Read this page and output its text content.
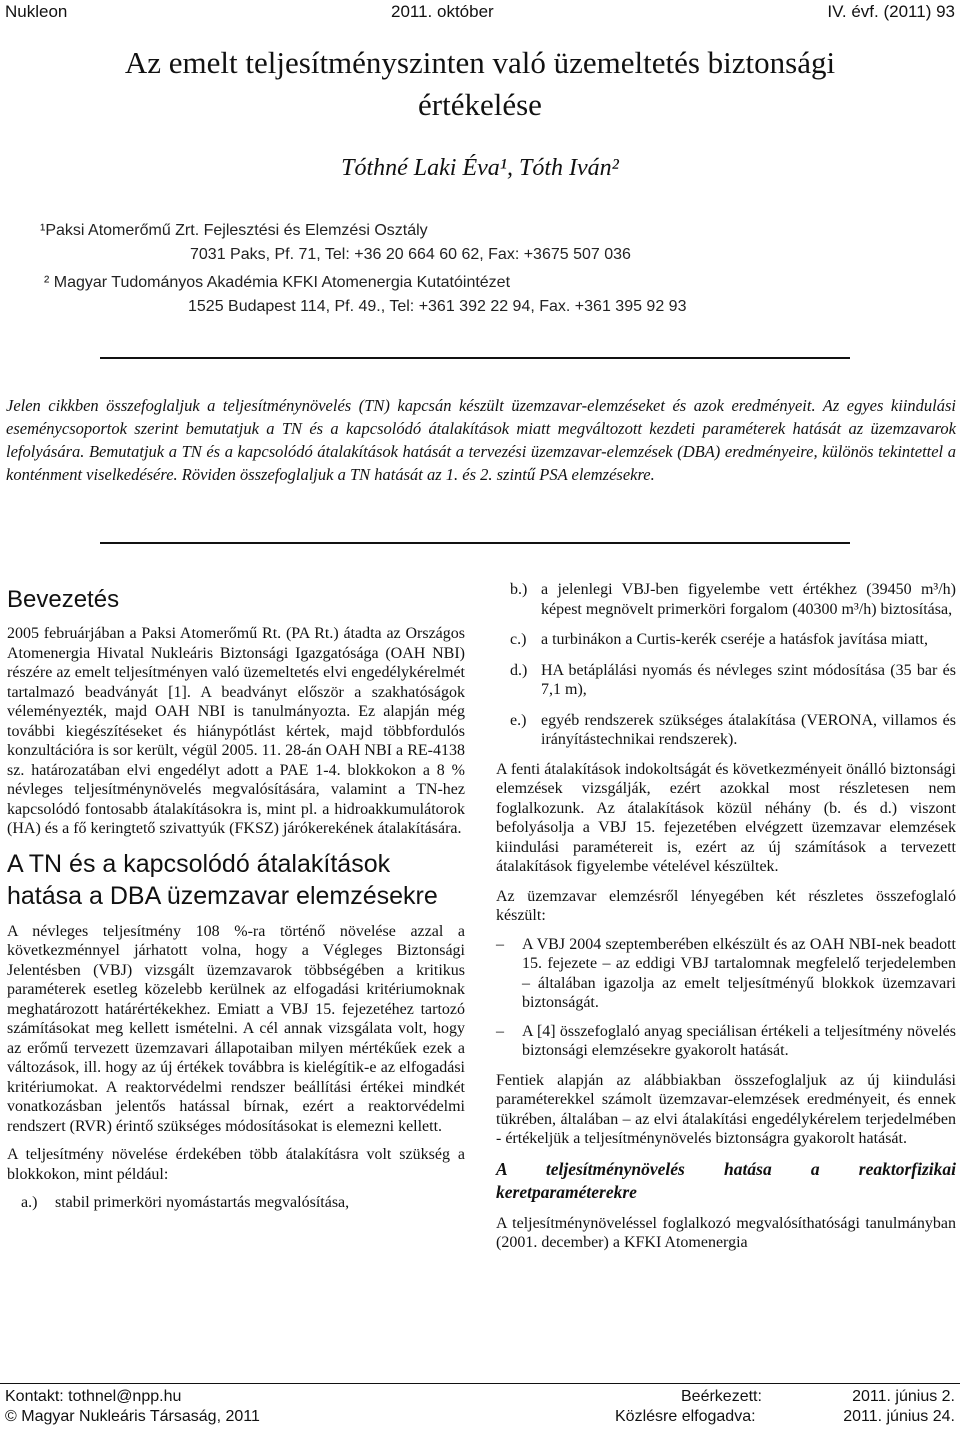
Nukleon	2011. október	IV. évf. (2011) 93
Az emelt teljesítményszinten való üzemeltetés biztonsági
értékelése
Tóthné Laki Éva¹, Tóth Iván²
¹Paksi Atomerőmű Zrt. Fejlesztési és Elemzési Osztály
7031 Paks, Pf. 71, Tel: +36 20 664 60 62, Fax: +3675 507 036
² Magyar Tudományos Akadémia KFKI Atomenergia Kutatóintézet
1525 Budapest 114, Pf. 49., Tel: +361 392 22 94, Fax. +361 395 92 93
Jelen cikkben összefoglaljuk a teljesítménynövelés (TN) kapcsán készült üzemzavar-elemzéseket és azok eredményeit. Az egyes kiindulási eseménycsoportok szerint bemutatjuk a TN és a kapcsolódó átalakítások miatt megváltozott kezdeti paraméterek hatását az üzemzavarok lefolyására. Bemutatjuk a TN és a kapcsolódó átalakítások hatását a tervezési üzemzavar-elemzések (DBA) eredményeire, különös tekintettel a konténment viselkedésére. Röviden összefoglaljuk a TN hatását az 1. és 2. szintű PSA elemzésekre.
Bevezetés

2005 februárjában a Paksi Atomerőmű Rt. (PA Rt.) átadta az Országos Atomenergia Hivatal Nukleáris Biztonsági Igazgatósága (OAH NBI) részére az emelt teljesítményen való üzemeltetés elvi engedélykérelmét tartalmazó beadványát [1]. A beadványt először a szakhatóságok véleményezték, majd OAH NBI is tanulmányozta. Ez alapján még további kiegészítéseket és hiánypótlást kértek, majd többfordulós konzultációra is sor került, végül 2005. 11. 28-án OAH NBI a RE-4138 sz. határozatában elvi engedélyt adott a PAE 1-4. blokkokon a 8 % névleges teljesítménynövelés megvalósítására, valamint a TN-hez kapcsolódó fontosabb átalakításokra is, mint pl. a hidroakkumulátorok (HA) és a fő keringtető szivattyúk (FKSZ) járókerekének átalakítására.

A TN és a kapcsolódó átalakítások
hatása a DBA üzemzavar elemzésekre

A névleges teljesítmény 108 %-ra történő növelése azzal a következménnyel járhatott volna, hogy a Végleges Biztonsági Jelentésben (VBJ) vizsgált üzemzavarok többségében a kritikus paraméterek esetleg közelebb kerülnek az elfogadási kritériumoknak meghatározott határértékekhez. Emiatt a VBJ 15. fejezetéhez tartozó számításokat meg kellett ismételni. A cél annak vizsgálata volt, hogy az erőmű tervezett üzemzavari állapotaiban milyen mértékűek ezek a változások, ill. hogy az új értékek továbbra is kielégítik-e az elfogadási kritériumokat. A reaktorvédelmi rendszer beállítási értékei mindkét vonatkozásban jelentős hatással bírnak, ezért a reaktorvédelmi rendszert (RVR) érintő szükséges módosításokat is elemezni kellett.

A teljesítmény növelése érdekében több átalakításra volt szükség a blokkokon, mint például:

a.) stabil primerköri nyomástartás megvalósítása,
b.) a jelenlegi VBJ-ben figyelembe vett értékhez (39450 m³/h) képest megnövelt primerköri forgalom (40300 m³/h) biztosítása,
c.) a turbinákon a Curtis-kerék cseréje a hatásfok javítása miatt,
d.) HA betáplálási nyomás és névleges szint módosítása (35 bar és 7,1 m),
e.) egyéb rendszerek szükséges átalakítása (VERONA, villamos és irányítástechnikai rendszerek).

A fenti átalakítások indokoltságát és következményeit önálló biztonsági elemzések vizsgálják, ezért azokkal most részletesen nem foglalkozunk. Az átalakítások közül néhány (b. és d.) viszont befolyásolja a VBJ 15. fejezetében elvégzett üzemzavar elemzések kiindulási paramétereit is, ezért az új számítások a tervezett átalakítások figyelembe vételével készültek.

Az üzemzavar elemzésről lényegében két részletes összefoglaló készült:

– A VBJ 2004 szeptemberében elkészült és az OAH NBI-nek beadott 15. fejezete – az eddigi VBJ tartalomnak megfelelő terjedelemben – általában igazolja az emelt teljesítményű blokkok üzemzavari biztonságát.
– A [4] összefoglaló anyag speciálisan értékeli a teljesítmény növelés biztonsági elemzésekre gyakorolt hatását.

Fentiek alapján az alábbiakban összefoglaljuk az új kiindulási paraméterekkel számolt üzemzavar-elemzések eredményeit, és ennek tükrében, általában – az elvi átalakítási engedélykérelem terjedelmében - értékeljük a teljesítménynövelés biztonságra gyakorolt hatását.

A teljesítménynövelés hatása a reaktorfizikai keretparaméterekre

A teljesítménynöveléssel foglalkozó megvalósíthatósági tanulmányban (2001. december) a KFKI Atomenergia

Kontakt: tothnel@npp.hu	Beérkezett:	2011. június 2.
© Magyar Nukleáris Társaság, 2011	Közlésre elfogadva:	2011. június 24.
